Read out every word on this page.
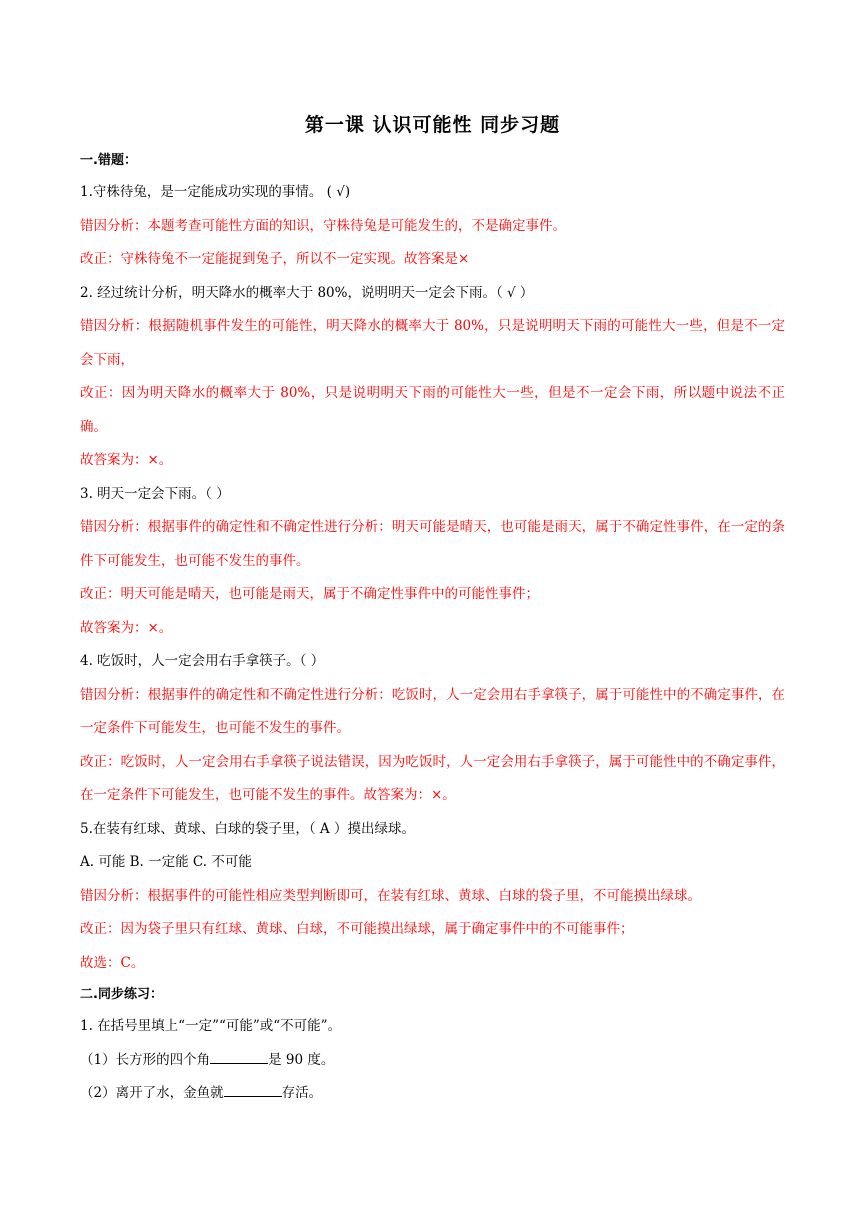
第一课 认识可能性 同步习题

一.错题：

1.守株待兔，是一定能成功实现的事情。 ( √)

错因分析：本题考查可能性方面的知识，守株待兔是可能发生的，不是确定事件。

改正：守株待兔不一定能捉到兔子，所以不一定实现。故答案是×

2. 经过统计分析，明天降水的概率大于 80%，说明明天一定会下雨。（ √ ）

错因分析：根据随机事件发生的可能性，明天降水的概率大于 80%，只是说明明天下雨的可能性大一些，但是不一定会下雨，

改正：因为明天降水的概率大于 80%，只是说明明天下雨的可能性大一些，但是不一定会下雨，所以题中说法不正确。

故答案为：×。

3. 明天一定会下雨。（ ）

错因分析：根据事件的确定性和不确定性进行分析：明天可能是晴天，也可能是雨天，属于不确定性事件，在一定的条件下可能发生，也可能不发生的事件。

改正：明天可能是晴天，也可能是雨天，属于不确定性事件中的可能性事件；

故答案为：×。

4. 吃饭时，人一定会用右手拿筷子。（ ）

错因分析：根据事件的确定性和不确定性进行分析：吃饭时，人一定会用右手拿筷子，属于可能性中的不确定事件，在一定条件下可能发生，也可能不发生的事件。

改正：吃饭时，人一定会用右手拿筷子说法错误，因为吃饭时，人一定会用右手拿筷子，属于可能性中的不确定事件，在一定条件下可能发生，也可能不发生的事件。故答案为：×。

5.在装有红球、黄球、白球的袋子里，（ A ）摸出绿球。

A. 可能 B. 一定能 C. 不可能

错因分析：根据事件的可能性相应类型判断即可，在装有红球、黄球、白球的袋子里，不可能摸出绿球。

改正：因为袋子里只有红球、黄球、白球，不可能摸出绿球，属于确定事件中的不可能事件；

故选：C。

二.同步练习：

1. 在括号里填上“一定”“可能”或“不可能”。

（1）长方形的四个角	是 90 度。

（2）离开了水，金鱼就	存活。
